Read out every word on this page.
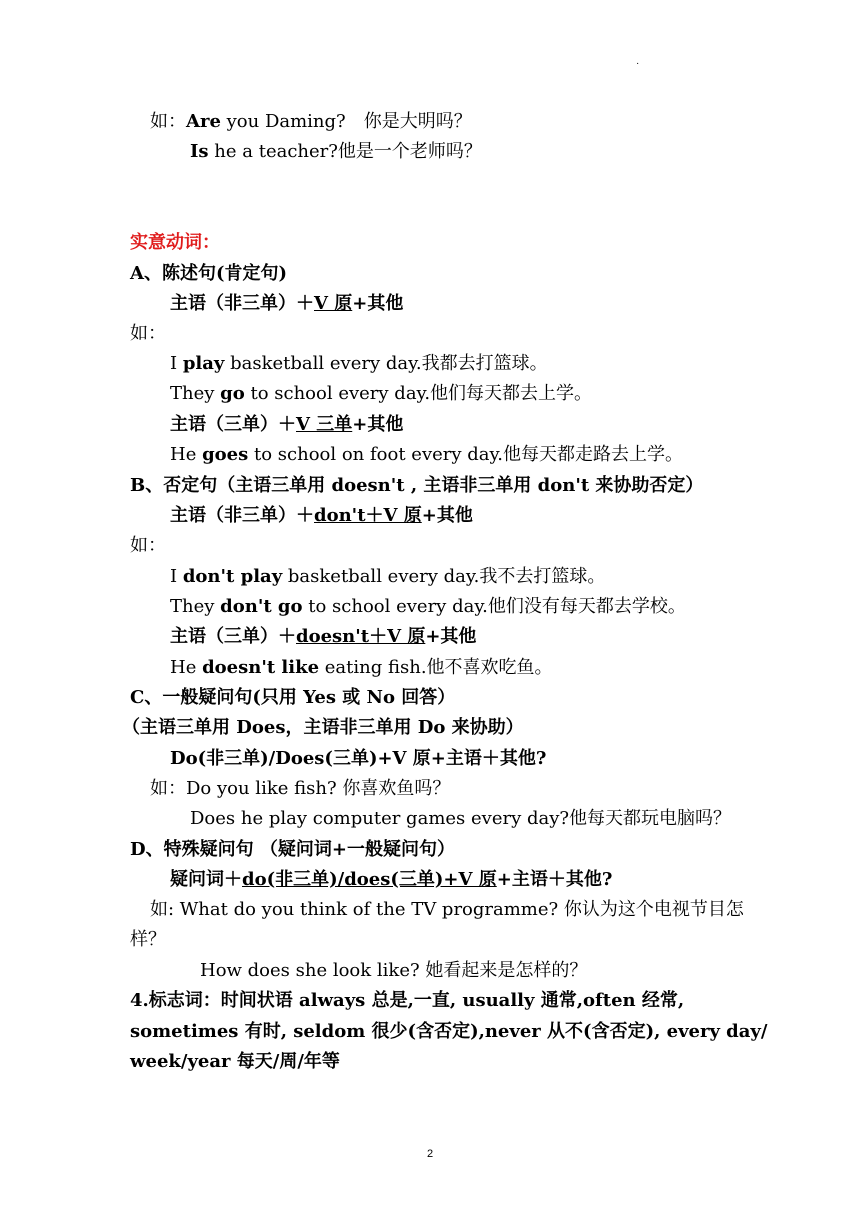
·
如：Are you Daming?　你是大明吗？
Is he a teacher?他是一个老师吗？
实意动词：
A、陈述句(肯定句)
主语（非三单）＋V 原+其他
如：
I play basketball every day.我都去打篮球。
They go to school every day.他们每天都去上学。
主语（三单）＋V 三单+其他
He goes to school on foot every day.他每天都走路去上学。
B、否定句（主语三单用 doesn't , 主语非三单用 don't 来协助否定）
主语（非三单）＋don't＋V 原+其他
如：
I don't play basketball every day.我不去打篮球。
They don't go to school every day.他们没有每天都去学校。
主语（三单）＋doesn't＋V 原+其他
He doesn't like eating fish.他不喜欢吃鱼。
C、一般疑问句(只用 Yes 或 No 回答）
（主语三单用 Does，主语非三单用 Do 来协助）
Do(非三单)/Does(三单)+V 原+主语＋其他?
如：Do you like fish? 你喜欢鱼吗？
Does he play computer games every day?他每天都玩电脑吗？
D、特殊疑问句 （疑问词+一般疑问句）
疑问词＋do(非三单)/does(三单)+V 原+主语＋其他?
如: What do you think of the TV programme? 你认为这个电视节目怎
样？
How does she look like? 她看起来是怎样的？
4.标志词：时间状语 always 总是,一直, usually 通常,often 经常,
sometimes 有时, seldom 很少(含否定),never 从不(含否定), every day/
week/year 每天/周/年等
2
